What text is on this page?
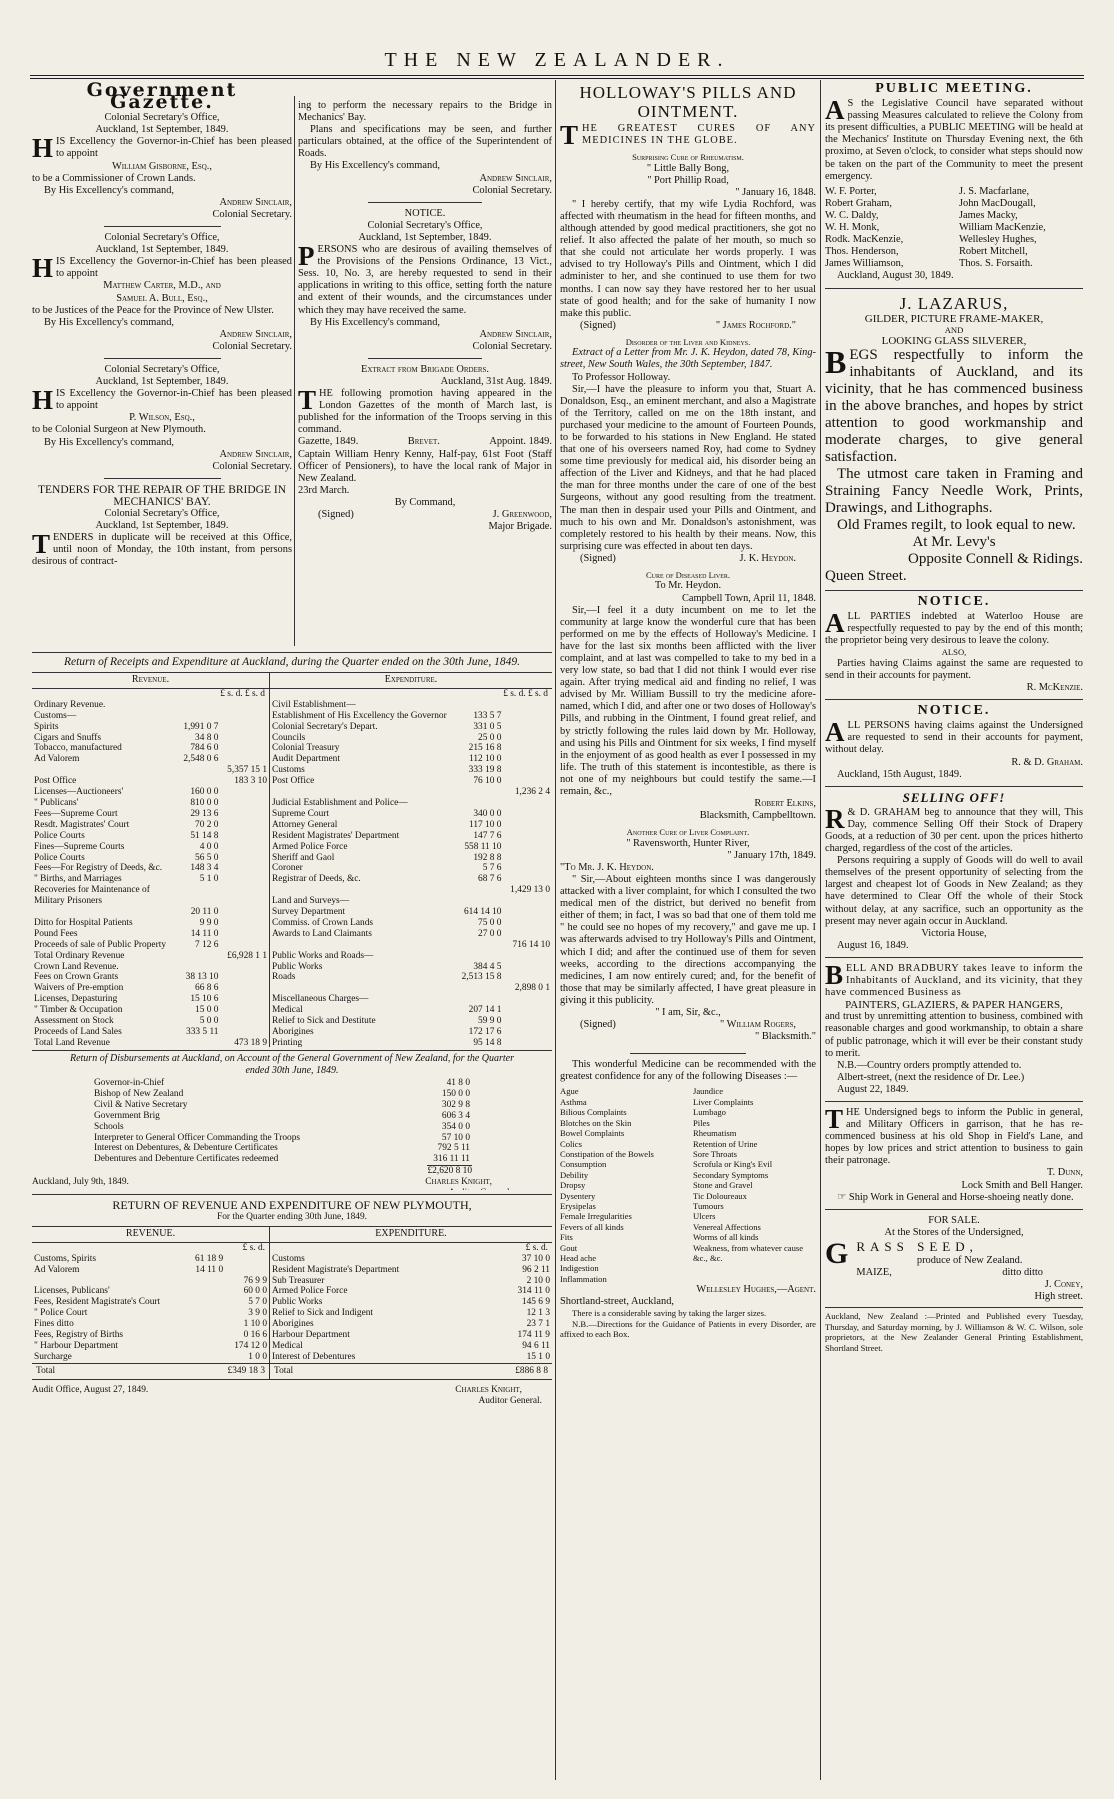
THE NEW ZEALANDER.
Government Gazette.

Colonial Secretary's Office,

Auckland, 1st September, 1849.

HIS Excellency the Governor-in-Chief has been pleased to appoint

William Gisborne, Esq.,

to be a Commissioner of Crown Lands.

By His Excellency's command,

Andrew Sinclair,

Colonial Secretary.

Colonial Secretary's Office,

Auckland, 1st September, 1849.

HIS Excellency the Governor-in-Chief has been pleased to appoint

Matthew Carter, M.D., and

Samuel A. Bull, Esq.,

to be Justices of the Peace for the Province of New Ulster.

By His Excellency's command,

Andrew Sinclair,

Colonial Secretary.

Colonial Secretary's Office,

Auckland, 1st September, 1849.

HIS Excellency the Governor-in-Chief has been pleased to appoint

P. Wilson, Esq.,

to be Colonial Surgeon at New Plymouth.

By His Excellency's command,

Andrew Sinclair,

Colonial Secretary.

TENDERS FOR THE REPAIR OF THE BRIDGE IN MECHANICS' BAY.

Colonial Secretary's Office,

Auckland, 1st September, 1849.

TENDERS in duplicate will be received at this Office, until noon of Monday, the 10th instant, from persons desirous of contract-

ing to perform the necessary repairs to the Bridge in Mechanics' Bay.

Plans and specifications may be seen, and further particulars obtained, at the office of the Superintendent of Roads.

By His Excellency's command,

Andrew Sinclair,

Colonial Secretary.

NOTICE.

Colonial Secretary's Office,

Auckland, 1st September, 1849.

PERSONS who are desirous of availing themselves of the Provisions of the Pensions Ordinance, 13 Vict., Sess. 10, No. 3, are hereby requested to send in their applications in writing to this office, setting forth the nature and extent of their wounds, and the circumstances under which they may have received the same.

By His Excellency's command,

Andrew Sinclair,

Colonial Secretary.

Extract from Brigade Orders.

Auckland, 31st Aug. 1849.

THE following promotion having appeared in the London Gazettes of the month of March last, is published for the information of the Troops serving in this command.

Gazette, 1849.	Brevet.	Appoint. 1849.

Captain William Henry Kenny, Half-pay, 61st Foot (Staff Officer of Pensioners), to have the local rank of Major in New Zealand.

23rd March.

By Command,

(Signed)	J. Greenwood,

Major Brigade.

Return of Receipts and Expenditure at Auckland, during the Quarter ended on the 30th June, 1849.
Revenue.
£ s. d. £ s. d
Ordinary Revenue.		
Customs—		
Spirits	1,991 0 7	
Cigars and Snuffs	34 8 0	
Tobacco, manufactured	784 6 0	
Ad Valorem	2,548 0 6	
		5,357 15 1
Post Office		183 3 10

Licenses—Auctioneers'	160 0 0	
" Publicans'	810 0 0	

Fees—Supreme Court	29 13 6	
Resdt. Magistrates' Court	70 2 0	
Police Courts	51 14 8	

Fines—Supreme Courts	4 0 0	
Police Courts	56 5 0	

Fees—For Registry of Deeds, &c.	148 3 4	
" Births, and Marriages	5 1 0	
Recoveries for Maintenance of Military Prisoners		
	20 11 0	
Ditto for Hospital Patients	9 9 0	
Pound Fees	14 11 0	
Proceeds of sale of Public Property	7 12 6	
Total Ordinary Revenue		£6,928 1 1

Crown Land Revenue.		
Fees on Crown Grants	38 13 10	
Waivers of Pre-emption	66 8 6	
Licenses, Depasturing	15 10 6	
" Timber & Occupation	15 0 0	
Assessment on Stock	5 0 0	
Proceeds of Land Sales	333 5 11	
Total Land Revenue		473 18 9

Expenditure.
£ s. d. £ s. d
Civil Establishment—		
Establishment of His Excellency the Governor	133 5 7	
Colonial Secretary's Depart.	331 0 5	
Councils	25 0 0	
Colonial Treasury	215 16 8	
Audit Department	112 10 0	
Customs	333 19 8	
Post Office	76 10 0	
		1,236 2 4
Judicial Establishment and Police—		
Supreme Court	340 0 0	
Attorney General	117 10 0	
Resident Magistrates' Department	147 7 6	
Armed Police Force	558 11 10	
Sheriff and Gaol	192 8 8	
Coroner	5 7 6	
Registrar of Deeds, &c.	68 7 6	
		1,429 13 0
Land and Surveys—		
Survey Department	614 14 10	
Commiss. of Crown Lands	75 0 0	
Awards to Land Claimants	27 0 0	
		716 14 10
Public Works and Roads—		
Public Works	384 4 5	
Roads	2,513 15 8	
		2,898 0 1
Miscellaneous Charges—		
Medical	207 14 1	
Relief to Sick and Destitute	59 9 0	
Aborigines	172 17 6	
Printing	95 14 8	

Return of Disbursements at Auckland, on Account of the General Government of New Zealand, for the Quarter ended 30th June, 1849.
Governor-in-Chief	41 8 0
Bishop of New Zealand	150 0 0
Civil & Native Secretary	302 9 8
Government Brig	606 3 4
Schools	354 0 0
Interpreter to General Officer Commanding the Troops	57 10 0
Interest on Debentures, & Debenture Certificates	792 5 11
Debentures and Debenture Certificates redeemed	316 11 11
£2,620 8 10
Auckland, July 9th, 1849.	Charles Knight,
RETURN OF REVENUE AND EXPENDITURE OF NEW PLYMOUTH,
For the Quarter ending 30th June, 1849.
REVENUE.
£ s. d.
Customs, Spirits	61 18 9	
Ad Valorem	14 11 0	
		76 9 9
Licenses, Publicans'		60 0 0
Fees, Resident Magistrate's Court		5 7 0
" Police Court		3 9 0
Fines ditto		1 10 0
Fees, Registry of Births		0 16 6
" Harbour Department		174 12 0
Surcharge		1 0 0
Total	£349 18 3
EXPENDITURE.
£ s. d.
Customs	37 10 0
Resident Magistrate's Department	96 2 11
Sub Treasurer	2 10 0
Armed Police Force	314 11 0
Public Works	145 6 9
Relief to Sick and Indigent	12 1 3
Aborigines	23 7 1
Harbour Department	174 11 9
Medical	94 6 11
Interest of Debentures	15 1 0
Total	£886 8 8
Audit Office, August 27, 1849.	Charles Knight,
Auditor General.
HOLLOWAY'S PILLS AND OINTMENT.

THE GREATEST CURES OF ANY MEDICINES IN THE GLOBE.

Surprising Cure of Rheumatism.

" Little Bally Bong,

" Port Phillip Road,

" January 16, 1848.

" I hereby certify, that my wife Lydia Rochford, was affected with rheumatism in the head for fifteen months, and although attended by good medical practitioners, she got no relief. It also affected the palate of her mouth, so much so that she could not articulate her words properly. I was advised to try Holloway's Pills and Ointment, which I did administer to her, and she continued to use them for two months. I can now say they have restored her to her usual state of good health; and for the sake of humanity I now make this public.

(Signed)	" James Rochford."

Disorder of the Liver and Kidneys.

Extract of a Letter from Mr. J. K. Heydon, dated 78, King-street, New South Wales, the 30th September, 1847.

To Professor Holloway.

Sir,—I have the pleasure to inform you that, Stuart A. Donaldson, Esq., an eminent merchant, and also a Magistrate of the Territory, called on me on the 18th instant, and purchased your medicine to the amount of Fourteen Pounds, to be forwarded to his stations in New England. He stated that one of his overseers named Roy, had come to Sydney some time previously for medical aid, his disorder being an affection of the Liver and Kidneys, and that he had placed the man for three months under the care of one of the best Surgeons, without any good resulting from the treatment. The man then in despair used your Pills and Ointment, and much to his own and Mr. Donaldson's astonishment, was completely restored to his health by their means. Now, this surprising cure was effected in about ten days.

(Signed)	J. K. Heydon.

Cure of Diseased Liver.

To Mr. Heydon.

Campbell Town, April 11, 1848.

Sir,—I feel it a duty incumbent on me to let the community at large know the wonderful cure that has been performed on me by the effects of Holloway's Medicine. I have for the last six months been afflicted with the liver complaint, and at last was compelled to take to my bed in a very low state, so bad that I did not think I would ever rise again. After trying medical aid and finding no relief, I was advised by Mr. William Bussill to try the medicine afore-named, which I did, and after one or two doses of Holloway's Pills, and rubbing in the Ointment, I found great relief, and by strictly following the rules laid down by Mr. Holloway, and using his Pills and Ointment for six weeks, I find myself in the enjoyment of as good health as ever I possessed in my life. The truth of this statement is incontestible, as there is not one of my neighbours but could testify the same.—I remain, &c.,

Robert Elkins,

Blacksmith, Campbelltown.

Another Cure of Liver Complaint.

" Ravensworth, Hunter River,

" January 17th, 1849.

"To Mr. J. K. Heydon.

" Sir,—About eighteen months since I was dangerously attacked with a liver complaint, for which I consulted the two medical men of the district, but derived no benefit from either of them; in fact, I was so bad that one of them told me " he could see no hopes of my recovery," and gave me up. I was afterwards advised to try Holloway's Pills and Ointment, which I did; and after the continued use of them for seven weeks, according to the directions accompanying the medicines, I am now entirely cured; and, for the benefit of those that may be similarly affected, I have great pleasure in giving it this publicity.

" I am, Sir, &c.,

(Signed)	" William Rogers,

" Blacksmith."

This wonderful Medicine can be recommended with the greatest confidence for any of the following Diseases :—

Ague
Asthma
Bilious Complaints
Blotches on the Skin
Bowel Complaints
Colics
Constipation of the Bowels
Consumption
Debility
Dropsy
Dysentery
Erysipelas
Female Irregularities
Fevers of all kinds
Fits
Gout
Head ache
Indigestion
Inflammation
Jaundice
Liver Complaints
Lumbago
Piles
Rheumatism
Retention of Urine
Sore Throats
Scrofula or King's Evil
Secondary Symptoms
Stone and Gravel
Tic Doloureaux
Tumours
Ulcers
Venereal Affections
Worms of all kinds
Weakness, from whatever cause
&c., &c.

Wellesley Hughes,—Agent.

Shortland-street, Auckland,

There is a considerable saving by taking the larger sizes.

N.B.—Directions for the Guidance of Patients in every Disorder, are affixed to each Box.

PUBLIC MEETING.

A S the Legislative Council have separated without passing Measures calculated to relieve the Colony from its present difficulties, a PUBLIC MEETING will be heald at the Mechanics' Institute on Thursday Evening next, the 6th proximo, at Seven o'clock, to consider what steps should now be taken on the part of the Community to meet the present emergency.

W. F. Porter,
Robert Graham,
W. C. Daldy,
W. H. Monk,
Rodk. MacKenzie,
Thos. Henderson,
James Williamson,
J. S. Macfarlane,
John MacDougall,
James Macky,
William MacKenzie,
Wellesley Hughes,
Robert Mitchell,
Thos. S. Forsaith.

Auckland, August 30, 1849.

J. LAZARUS,

GILDER, PICTURE FRAME-MAKER,

AND

LOOKING GLASS SILVERER,

BEGS respectfully to inform the inhabitants of Auckland, and its vicinity, that he has commenced business in the above branches, and hopes by strict attention to good workmanship and moderate charges, to give general satisfaction.

The utmost care taken in Framing and Straining Fancy Needle Work, Prints, Drawings, and Lithographs.

Old Frames regilt, to look equal to new.

At Mr. Levy's

Opposite Connell & Ridings.

Queen Street.

NOTICE.

ALL PARTIES indebted at Waterloo House are respectfully requested to pay by the end of this month; the proprietor being very desirous to leave the colony.

ALSO,

Parties having Claims against the same are requested to send in their accounts for payment.

R. McKenzie.

NOTICE.

ALL PERSONS having claims against the Undersigned are requested to send in their accounts for payment, without delay.

R. & D. Graham.

Auckland, 15th August, 1849.

SELLING OFF!

R & D. GRAHAM beg to announce that they will, This Day, commence Selling Off their Stock of Drapery Goods, at a reduction of 30 per cent. upon the prices hitherto charged, regardless of the cost of the articles.

Persons requiring a supply of Goods will do well to avail themselves of the present opportunity of selecting from the largest and cheapest lot of Goods in New Zealand; as they have determined to Clear Off the whole of their Stock without delay, at any sacrifice, such an opportunity as the present may never again occur in Auckland.

Victoria House,

August 16, 1849.

BELL AND BRADBURY takes leave to inform the Inhabitants of Auckland, and its vicinity, that they have commenced Business as

PAINTERS, GLAZIERS, & PAPER HANGERS,

and trust by unremitting attention to business, combined with reasonable charges and good workmanship, to obtain a share of public patronage, which it will ever be their constant study to merit.

N.B.—Country orders promptly attended to.

Albert-street, (next the residence of Dr. Lee.)

August 22, 1849.

THE Undersigned begs to inform the Public in general, and Military Officers in garrison, that he has re-commenced business at his old Shop in Field's Lane, and hopes by low prices and strict attention to business to gain their patronage.

T. Dunn,

Lock Smith and Bell Hanger.

☞ Ship Work in General and Horse-shoeing neatly done.

FOR SALE.

At the Stores of the Undersigned,

GRASS SEED,

produce of New Zealand.

MAIZE,	ditto ditto

J. Coney,

High street.

Auckland, New Zealand :—Printed and Published every Tuesday, Thursday, and Saturday morning, by J. Williamson & W. C. Wilson, sole proprietors, at the New Zealander General Printing Establishment, Shortland Street.
